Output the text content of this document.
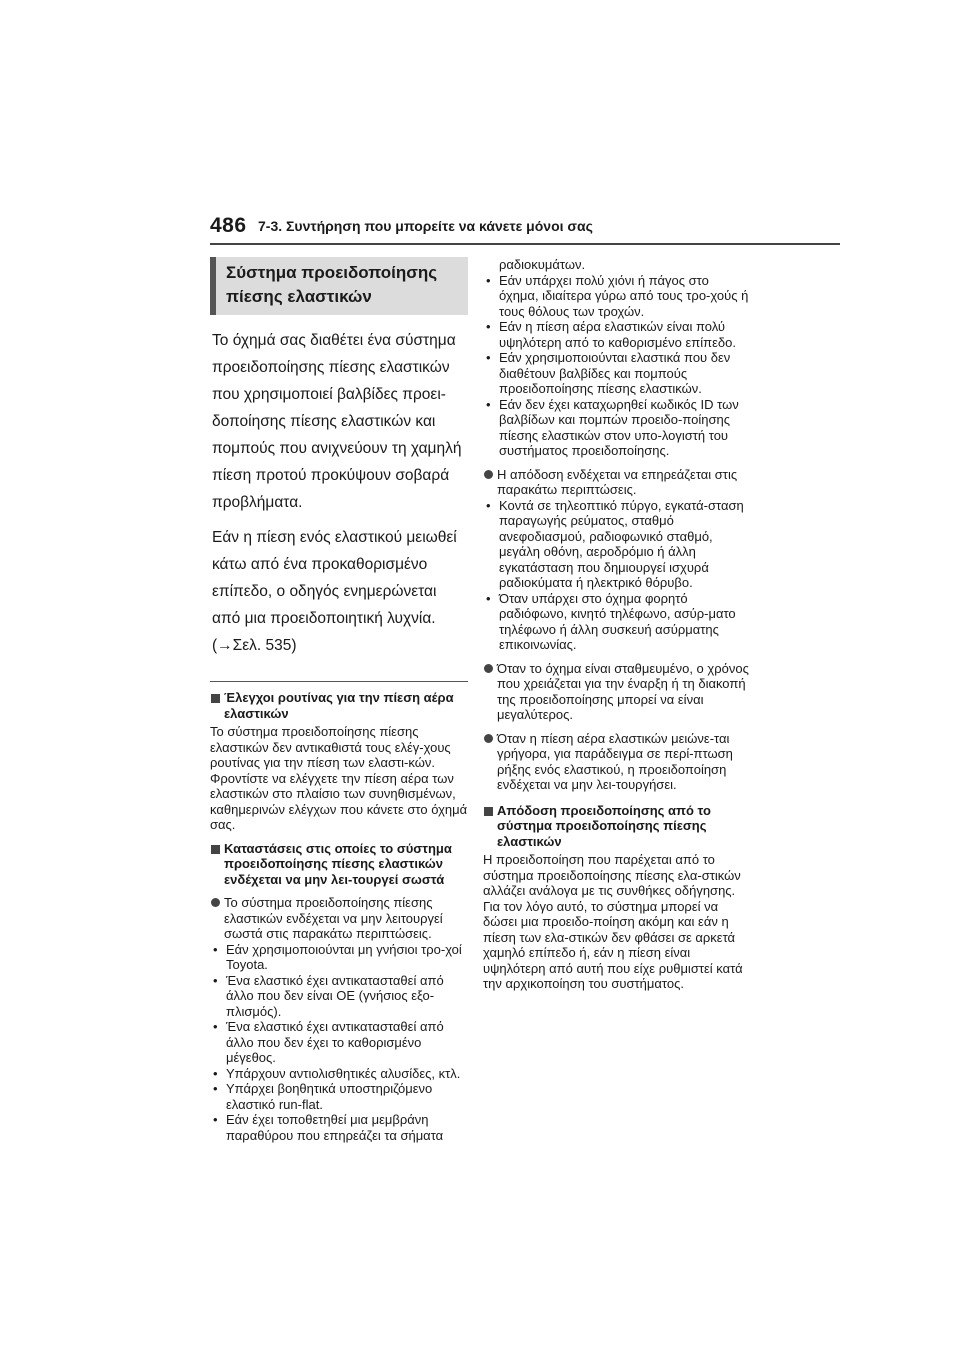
486 7-3. Συντήρηση που μπορείτε να κάνετε μόνοι σας
Σύστημα προειδοποίησης
πίεσης ελαστικών

Το όχημά σας διαθέτει ένα σύστημα προειδοποίησης πίεσης ελαστικών που χρησιμοποιεί βαλβίδες προει-δοποίησης πίεσης ελαστικών και πομπούς που ανιχνεύουν τη χαμηλή πίεση προτού προκύψουν σοβαρά προβλήματα.

Εάν η πίεση ενός ελαστικού μειωθεί κάτω από ένα προκαθορισμένο επίπεδο, ο οδηγός ενημερώνεται από μια προειδοποιητική λυχνία. (→Σελ. 535)

Έλεγχοι ρουτίνας για την πίεση αέρα ελαστικών

Το σύστημα προειδοποίησης πίεσης ελαστικών δεν αντικαθιστά τους ελέγ-χους ρουτίνας για την πίεση των ελαστι-κών. Φροντίστε να ελέγχετε την πίεση αέρα των ελαστικών στο πλαίσιο των συνηθισμένων, καθημερινών ελέγχων που κάνετε στο όχημά σας.

Καταστάσεις στις οποίες το σύστημα προειδοποίησης πίεσης ελαστικών ενδέχεται να μην λει-τουργεί σωστά
Το σύστημα προειδοποίησης πίεσης ελαστικών ενδέχεται να μην λειτουργεί σωστά στις παρακάτω περιπτώσεις.
• Εάν χρησιμοποιούνται μη γνήσιοι τρο-χοί Toyota.
• Ένα ελαστικό έχει αντικατασταθεί από άλλο που δεν είναι OE (γνήσιος εξο-πλισμός).
• Ένα ελαστικό έχει αντικατασταθεί από άλλο που δεν έχει το καθορισμένο μέγεθος.
• Υπάρχουν αντιολισθητικές αλυσίδες, κτλ.
• Υπάρχει βοηθητικά υποστηριζόμενο ελαστικό run-flat.
• Εάν έχει τοποθετηθεί μια μεμβράνη παραθύρου που επηρεάζει τα σήματα

ραδιοκυμάτων.

• Εάν υπάρχει πολύ χιόνι ή πάγος στο όχημα, ιδιαίτερα γύρω από τους τρο-χούς ή τους θόλους των τροχών.
• Εάν η πίεση αέρα ελαστικών είναι πολύ υψηλότερη από το καθορισμένο επίπεδο.
• Εάν χρησιμοποιούνται ελαστικά που δεν διαθέτουν βαλβίδες και πομπούς προειδοποίησης πίεσης ελαστικών.
• Εάν δεν έχει καταχωρηθεί κωδικός ID των βαλβίδων και πομπών προειδο-ποίησης πίεσης ελαστικών στον υπο-λογιστή του συστήματος προειδοποίησης.
Η απόδοση ενδέχεται να επηρεάζεται στις παρακάτω περιπτώσεις.
• Κοντά σε τηλεοπτικό πύργο, εγκατά-σταση παραγωγής ρεύματος, σταθμό ανεφοδιασμού, ραδιοφωνικό σταθμό, μεγάλη οθόνη, αεροδρόμιο ή άλλη εγκατάσταση που δημιουργεί ισχυρά ραδιοκύματα ή ηλεκτρικό θόρυβο.
• Όταν υπάρχει στο όχημα φορητό ραδιόφωνο, κινητό τηλέφωνο, ασύρ-ματο τηλέφωνο ή άλλη συσκευή ασύρματης επικοινωνίας.
Όταν το όχημα είναι σταθμευμένο, ο χρόνος που χρειάζεται για την έναρξη ή τη διακοπή της προειδοποίησης μπορεί να είναι μεγαλύτερος.
Όταν η πίεση αέρα ελαστικών μειώνε-ται γρήγορα, για παράδειγμα σε περί-πτωση ρήξης ενός ελαστικού, η προειδοποίηση ενδέχεται να μην λει-τουργήσει.
Απόδοση προειδοποίησης από το σύστημα προειδοποίησης πίεσης ελαστικών

Η προειδοποίηση που παρέχεται από το σύστημα προειδοποίησης πίεσης ελα-στικών αλλάζει ανάλογα με τις συνθήκες οδήγησης. Για τον λόγο αυτό, το σύστημα μπορεί να δώσει μια προειδο-ποίηση ακόμη και εάν η πίεση των ελα-στικών δεν φθάσει σε αρκετά χαμηλό επίπεδο ή, εάν η πίεση είναι υψηλότερη από αυτή που είχε ρυθμιστεί κατά την αρχικοποίηση του συστήματος.
